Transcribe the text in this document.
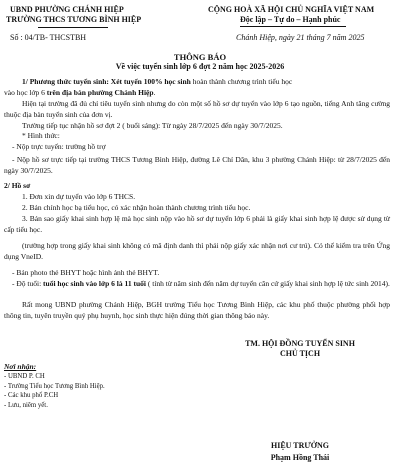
UBND PHƯỜNG CHÁNH HIỆP
TRƯỜNG THCS TƯƠNG BÌNH HIỆP
CỘNG HOÀ XÃ HỘI CHỦ NGHĨA VIỆT NAM
Độc lập – Tự do – Hạnh phúc
Số : 04/TB- THCSTBH	Chánh Hiệp, ngày 21 tháng 7 năm 2025
THÔNG BÁO
Về việc tuyển sinh lớp 6 đợt 2 năm học 2025-2026
1/ Phương thức tuyển sinh: Xét tuyển 100% học sinh hoàn thành chương trình tiểu học
vào học lớp 6 trên địa bàn phường Chánh Hiệp.
Hiện tại trường đã đủ chỉ tiêu tuyển sinh nhưng do còn một số hồ sơ dự tuyển vào lớp 6 tạo nguồn, tiếng Anh tăng cường thuộc địa bàn tuyển sinh của đơn vị.
Trường tiếp tục nhận hồ sơ đợt 2 ( buổi sáng): Từ ngày 28/7/2025 đến ngày 30/7/2025.
* Hình thức:
- Nộp trực tuyến: trường hồ trợ
- Nộp hồ sơ trực tiếp tại trường THCS Tương Bình Hiệp, đường Lê Chí Dân, khu 3 phường Chánh Hiệp: từ 28/7/2025 đến ngày 30/7/2025.
2/ Hồ sơ
1. Đơn xin dự tuyển vào lớp 6 THCS.
2. Bản chính học bạ tiểu học, có xác nhận hoàn thành chương trình tiểu học.
3. Bản sao giấy khai sinh hợp lệ mà học sinh nộp vào hồ sơ dự tuyển lớp 6 phải là giấy khai sinh hợp lệ được sử dụng từ cấp tiểu học.
(trường hợp trong giấy khai sinh không có mã định danh thì phải nộp giấy xác nhận nơi cư trú). Có thể kiểm tra trên Ứng dụng VneID.
- Bản photo thẻ BHYT hoặc hình ảnh thẻ BHYT.
- Độ tuổi: tuổi học sinh vào lớp 6 là 11 tuổi ( tính từ năm sinh đến năm dự tuyển căn cứ giấy khai sinh hợp lệ tức sinh 2014).
Rất mong UBND phường Chánh Hiệp, BGH trường Tiểu học Tương Bình Hiệp, các khu phố thuộc phường phối hợp thông tin, tuyên truyền quý phụ huynh, học sinh thực hiện đúng thời gian thông báo này.
TM. HỘI ĐỒNG TUYỂN SINH
CHỦ TỊCH
Nơi nhận:
- UBND P. CH
- Trường Tiểu học Tương Bình Hiệp.
- Các khu phố P.CH
- Lưu, niêm yết.
HIỆU TRƯỞNG
Phạm Hồng Thái
